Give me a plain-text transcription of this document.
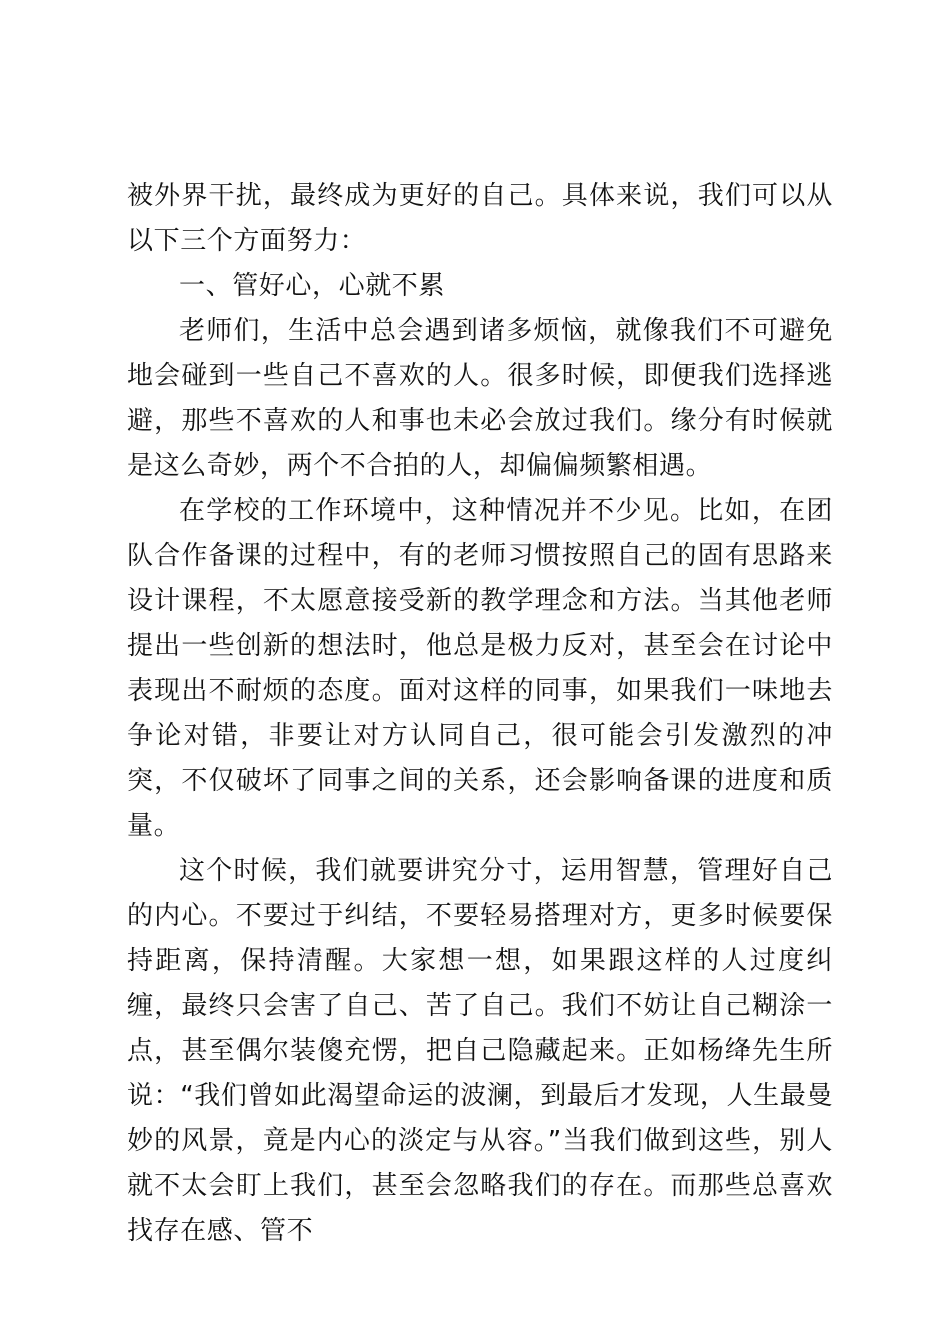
被外界干扰，最终成为更好的自己。具体来说，我们可以从以下三个方面努力：

一、管好心，心就不累

老师们，生活中总会遇到诸多烦恼，就像我们不可避免地会碰到一些自己不喜欢的人。很多时候，即便我们选择逃避，那些不喜欢的人和事也未必会放过我们。缘分有时候就是这么奇妙，两个不合拍的人，却偏偏频繁相遇。

在学校的工作环境中，这种情况并不少见。比如，在团队合作备课的过程中，有的老师习惯按照自己的固有思路来设计课程，不太愿意接受新的教学理念和方法。当其他老师提出一些创新的想法时，他总是极力反对，甚至会在讨论中表现出不耐烦的态度。面对这样的同事，如果我们一味地去争论对错，非要让对方认同自己，很可能会引发激烈的冲突，不仅破坏了同事之间的关系，还会影响备课的进度和质量。

这个时候，我们就要讲究分寸，运用智慧，管理好自己的内心。不要过于纠结，不要轻易搭理对方，更多时候要保持距离，保持清醒。大家想一想，如果跟这样的人过度纠缠，最终只会害了自己、苦了自己。我们不妨让自己糊涂一点，甚至偶尔装傻充愣，把自己隐藏起来。正如杨绛先生所说：“我们曾如此渴望命运的波澜，到最后才发现，人生最曼妙的风景，竟是内心的淡定与从容。”当我们做到这些，别人就不太会盯上我们，甚至会忽略我们的存在。而那些总喜欢找存在感、管不
